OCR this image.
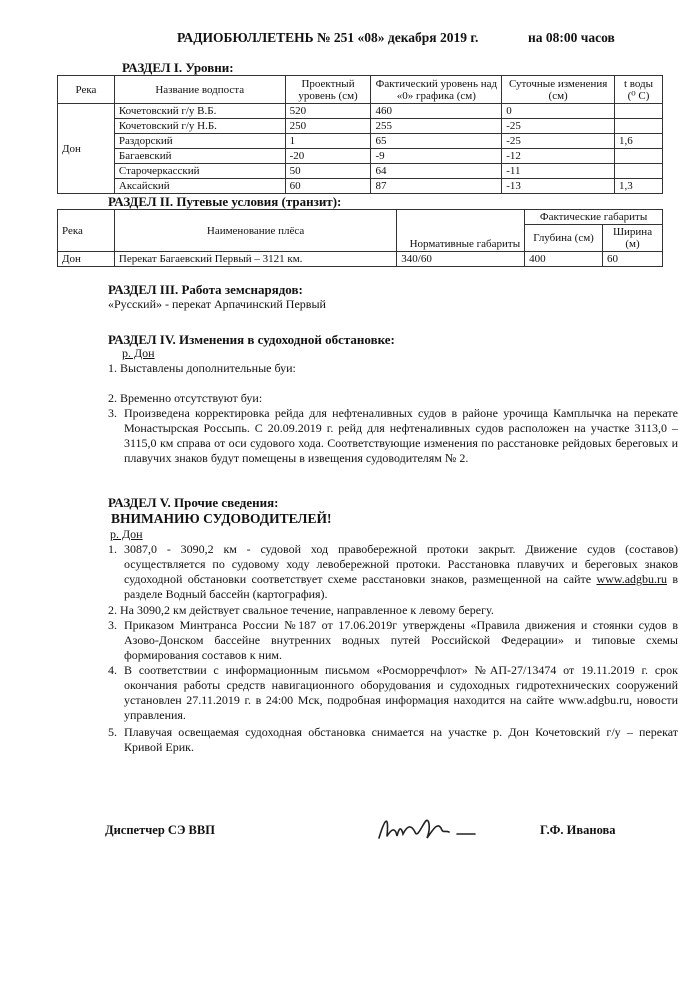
РАДИОБЮЛЛЕТЕНЬ № 251 «08» декабря 2019 г.	на 08:00 часов
РАЗДЕЛ I. Уровни:
Река	Название водпоста	Проектный уровень (см)	Фактический уровень над «0» графика (см)	Суточные изменения (см)	t воды (⁰ C)
Дон	Кочетовский г/у В.Б.	520	460	0	
	Кочетовский г/у Н.Б.	250	255	-25	
	Раздорский	1	65	-25	1,6
	Багаевский	-20	-9	-12	
	Старочеркасский	50	64	-11	
	Аксайский	60	87	-13	1,3
РАЗДЕЛ II. Путевые условия (транзит):
Река	Наименование плёса	Нормативные габариты	Фактические габариты	
			Глубина (см)	Ширина (м)
Дон	Перекат Багаевский Первый – 3121 км.	340/60	400	60
РАЗДЕЛ III. Работа земснарядов:
«Русский» - перекат Арпачинский Первый
РАЗДЕЛ IV. Изменения в судоходной обстановке:
р. Дон
1. Выставлены дополнительные буи:
2. Временно отсутствуют буи:
3. Произведена корректировка рейда для нефтеналивных судов в районе урочища Камплычка на перекате Монастырская Россыпь. С 20.09.2019 г. рейд для нефтеналивных судов расположен на участке 3113,0 – 3115,0 км справа от оси судового хода. Соответствующие изменения по расстановке рейдовых береговых и плавучих знаков будут помещены в извещения судоводителям № 2.
РАЗДЕЛ V. Прочие сведения:
ВНИМАНИЮ СУДОВОДИТЕЛЕЙ!
р. Дон
1. 3087,0 - 3090,2 км - судовой ход правобережной протоки закрыт. Движение судов (составов) осуществляется по судовому ходу левобережной протоки. Расстановка плавучих и береговых знаков судоходной обстановки соответствует схеме расстановки знаков, размещенной на сайте www.adgbu.ru в разделе Водный бассейн (картография).
2. На 3090,2 км действует свальное течение, направленное к левому берегу.
3. Приказом Минтранса России №187 от 17.06.2019г утверждены «Правила движения и стоянки судов в Азово-Донском бассейне внутренних водных путей Российской Федерации» и типовые схемы формирования составов к ним.
4. В соответствии с информационным письмом «Росморречфлот» №АП-27/13474 от 19.11.2019 г. срок окончания работы средств навигационного оборудования и судоходных гидротехнических сооружений установлен 27.11.2019 г. в 24:00 Мск, подробная информация находится на сайте www.adgbu.ru, новости управления.
5. Плавучая освещаемая судоходная обстановка снимается на участке р. Дон Кочетовский г/у – перекат Кривой Ерик.
Диспетчер СЭ ВВП	Г.Ф. Иванова
